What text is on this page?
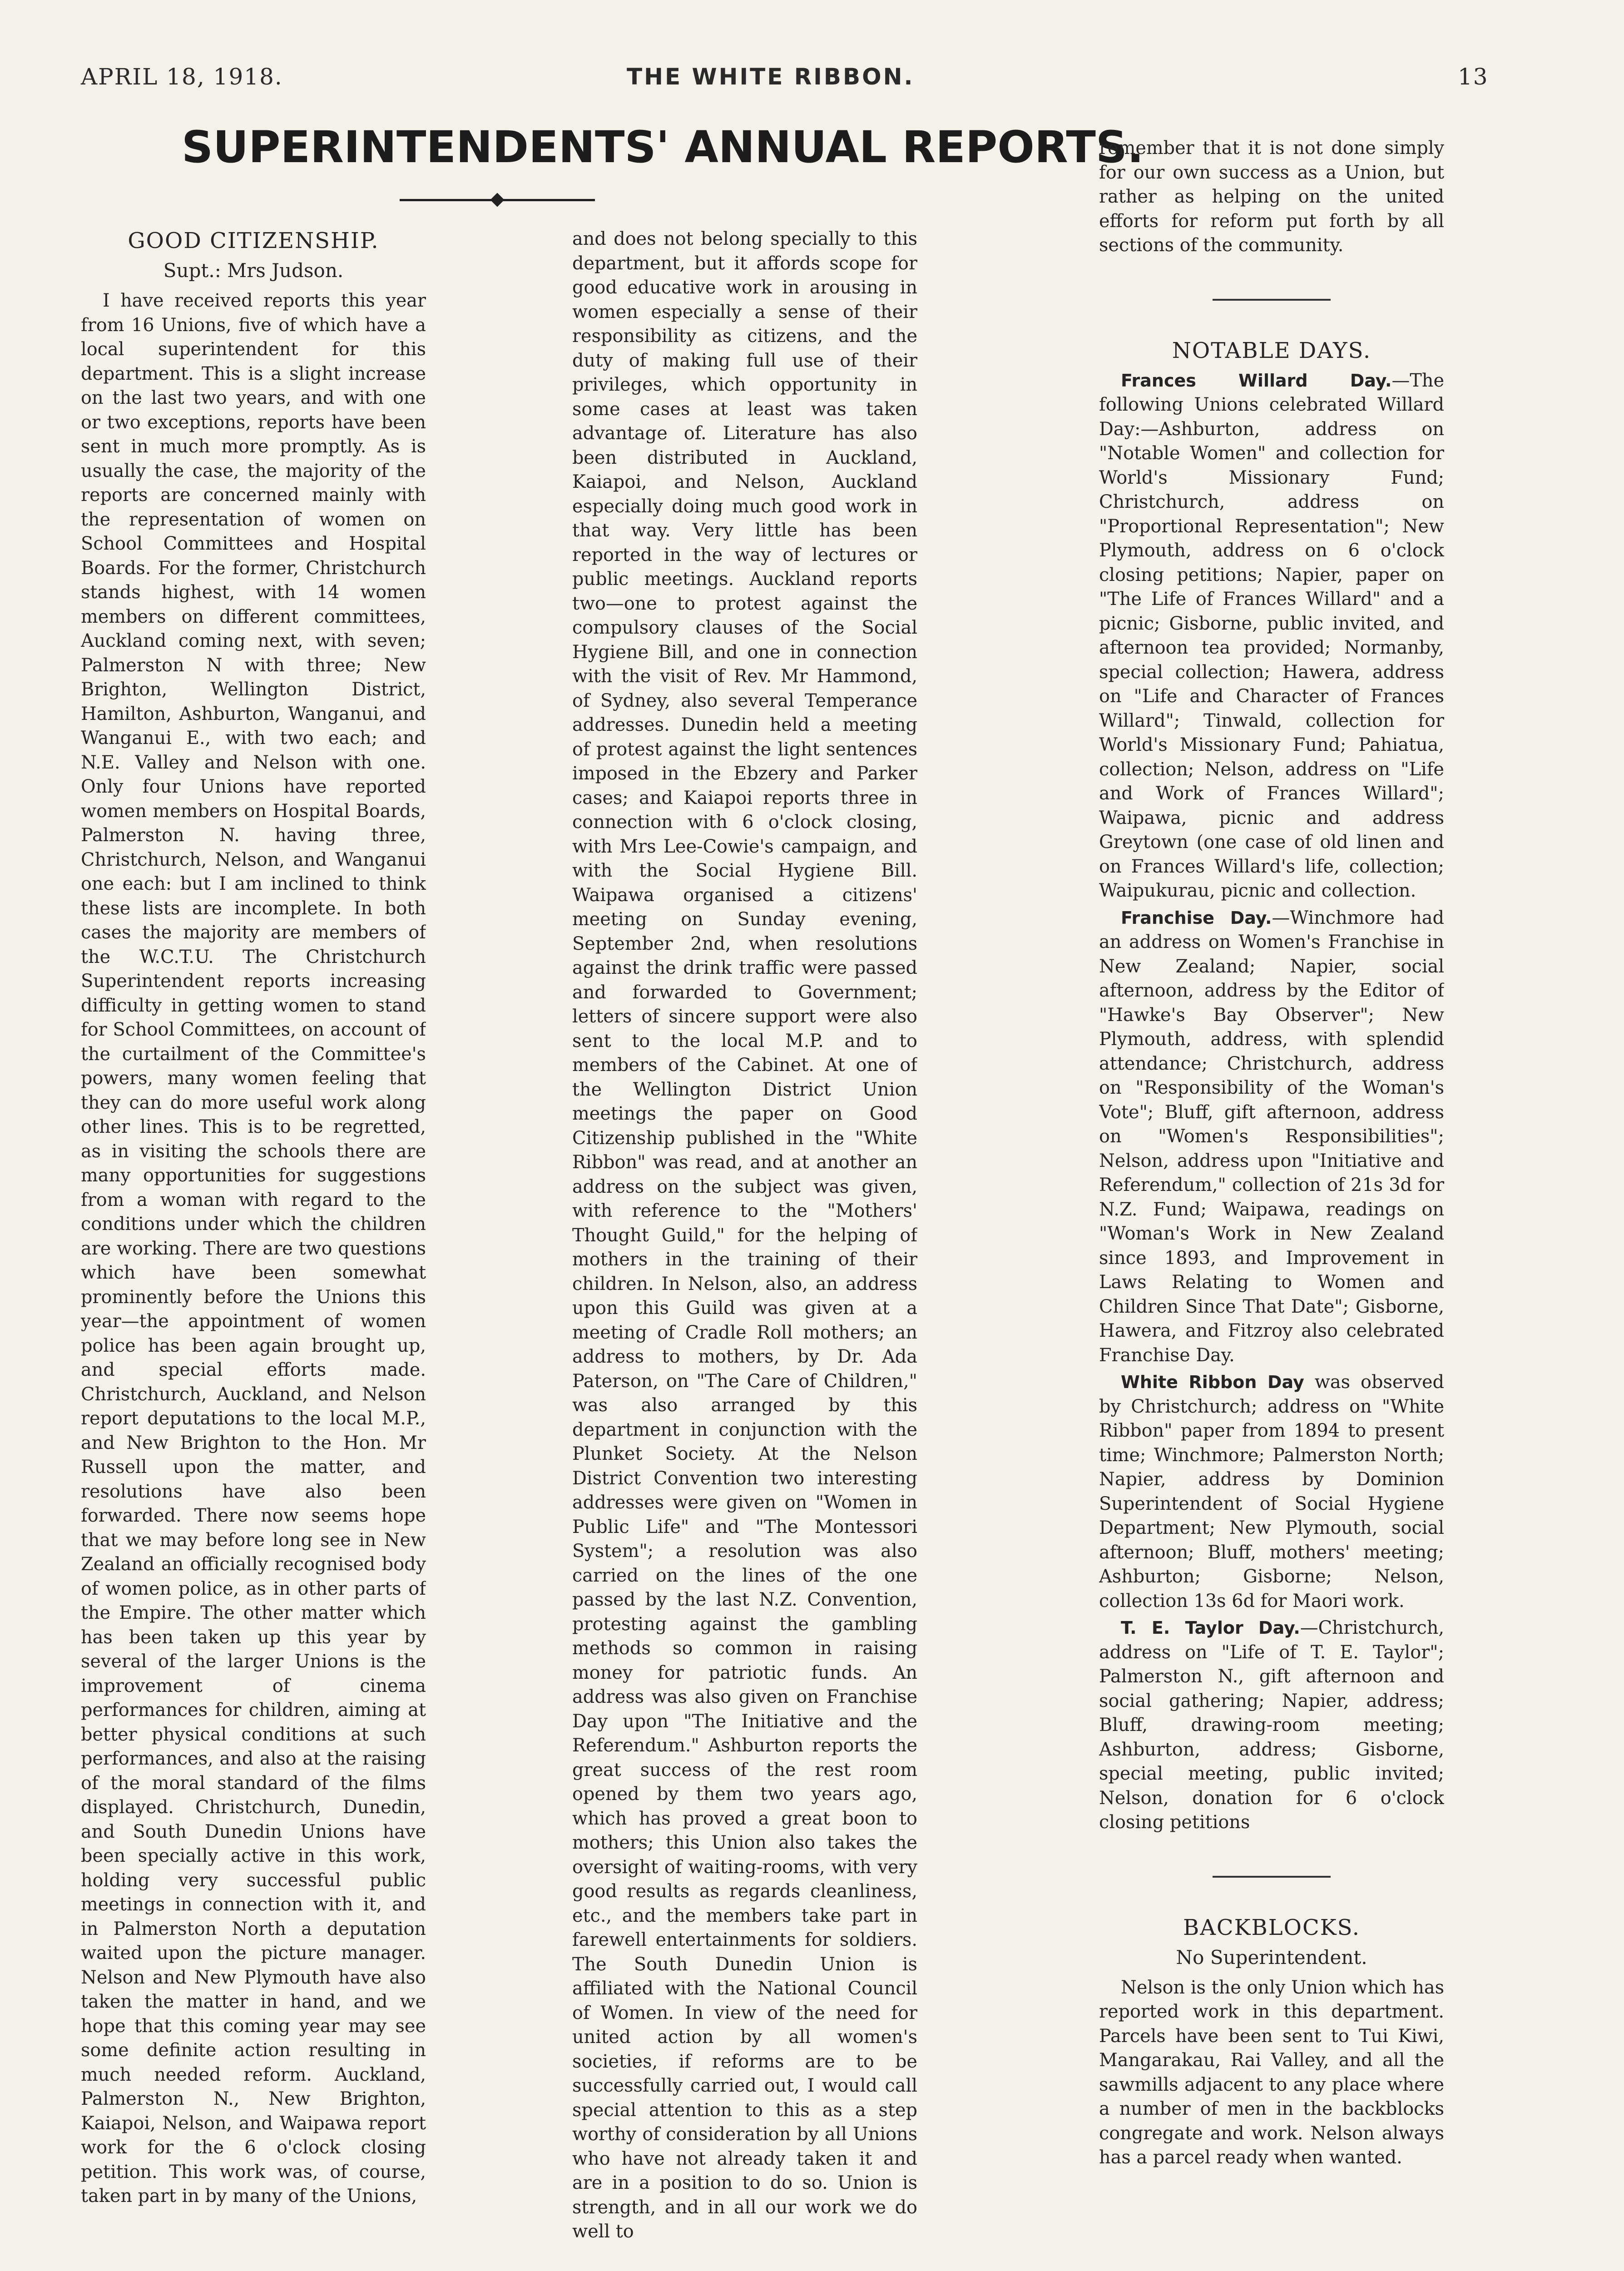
APRIL 18, 1918.	THE WHITE RIBBON.	13
SUPERINTENDENTS' ANNUAL REPORTS.
GOOD CITIZENSHIP.
Supt.: Mrs Judson.

I have received reports this year from 16 Unions, five of which have a local superintendent for this department. This is a slight increase on the last two years, and with one or two exceptions, reports have been sent in much more promptly. As is usually the case, the majority of the reports are concerned mainly with the representation of women on School Committees and Hospital Boards. For the former, Christchurch stands highest, with 14 women members on different committees, Auckland coming next, with seven; Palmerston N with three; New Brighton, Wellington District, Hamilton, Ashburton, Wanganui, and Wanganui E., with two each; and N.E. Valley and Nelson with one. Only four Unions have reported women members on Hospital Boards, Palmerston N. having three, Christchurch, Nelson, and Wanganui one each: but I am inclined to think these lists are incomplete. In both cases the majority are members of the W.C.T.U. The Christchurch Superintendent reports increasing difficulty in getting women to stand for School Committees, on account of the curtailment of the Committee's powers, many women feeling that they can do more useful work along other lines. This is to be regretted, as in visiting the schools there are many opportunities for suggestions from a woman with regard to the conditions under which the children are working. There are two questions which have been somewhat prominently before the Unions this year—the appointment of women police has been again brought up, and special efforts made. Christchurch, Auckland, and Nelson report deputations to the local M.P., and New Brighton to the Hon. Mr Russell upon the matter, and resolutions have also been forwarded. There now seems hope that we may before long see in New Zealand an officially recognised body of women police, as in other parts of the Empire. The other matter which has been taken up this year by several of the larger Unions is the improvement of cinema performances for children, aiming at better physical conditions at such performances, and also at the raising of the moral standard of the films displayed. Christchurch, Dunedin, and South Dunedin Unions have been specially active in this work, holding very successful public meetings in connection with it, and in Palmerston North a deputation waited upon the picture manager. Nelson and New Plymouth have also taken the matter in hand, and we hope that this coming year may see some definite action resulting in much needed reform. Auckland, Palmerston N., New Brighton, Kaiapoi, Nelson, and Waipawa report work for the 6 o'clock closing petition. This work was, of course, taken part in by many of the Unions,

and does not belong specially to this department, but it affords scope for good educative work in arousing in women especially a sense of their responsibility as citizens, and the duty of making full use of their privileges, which opportunity in some cases at least was taken advantage of. Literature has also been distributed in Auckland, Kaiapoi, and Nelson, Auckland especially doing much good work in that way. Very little has been reported in the way of lectures or public meetings. Auckland reports two—one to protest against the compulsory clauses of the Social Hygiene Bill, and one in connection with the visit of Rev. Mr Hammond, of Sydney, also several Temperance addresses. Dunedin held a meeting of protest against the light sentences imposed in the Ebzery and Parker cases; and Kaiapoi reports three in connection with 6 o'clock closing, with Mrs Lee-Cowie's campaign, and with the Social Hygiene Bill. Waipawa organised a citizens' meeting on Sunday evening, September 2nd, when resolutions against the drink traffic were passed and forwarded to Government; letters of sincere support were also sent to the local M.P. and to members of the Cabinet. At one of the Wellington District Union meetings the paper on Good Citizenship published in the "White Ribbon" was read, and at another an address on the subject was given, with reference to the "Mothers' Thought Guild," for the helping of mothers in the training of their children. In Nelson, also, an address upon this Guild was given at a meeting of Cradle Roll mothers; an address to mothers, by Dr. Ada Paterson, on "The Care of Children," was also arranged by this department in conjunction with the Plunket Society. At the Nelson District Convention two interesting addresses were given on "Women in Public Life" and "The Montessori System"; a resolution was also carried on the lines of the one passed by the last N.Z. Convention, protesting against the gambling methods so common in raising money for patriotic funds. An address was also given on Franchise Day upon "The Initiative and the Referendum." Ashburton reports the great success of the rest room opened by them two years ago, which has proved a great boon to mothers; this Union also takes the oversight of waiting-rooms, with very good results as regards cleanliness, etc., and the members take part in farewell entertainments for soldiers. The South Dunedin Union is affiliated with the National Council of Women. In view of the need for united action by all women's societies, if reforms are to be successfully carried out, I would call special attention to this as a step worthy of consideration by all Unions who have not already taken it and are in a position to do so. Union is strength, and in all our work we do well to

remember that it is not done simply for our own success as a Union, but rather as helping on the united efforts for reform put forth by all sections of the community.

NOTABLE DAYS.

Frances Willard Day.—The following Unions celebrated Willard Day:—Ashburton, address on "Notable Women" and collection for World's Missionary Fund; Christchurch, address on "Proportional Representation"; New Plymouth, address on 6 o'clock closing petitions; Napier, paper on "The Life of Frances Willard" and a picnic; Gisborne, public invited, and afternoon tea provided; Normanby, special collection; Hawera, address on "Life and Character of Frances Willard"; Tinwald, collection for World's Missionary Fund; Pahiatua, collection; Nelson, address on "Life and Work of Frances Willard"; Waipawa, picnic and address Greytown (one case of old linen and on Frances Willard's life, collection; Waipukurau, picnic and collection.

Franchise Day.—Winchmore had an address on Women's Franchise in New Zealand; Napier, social afternoon, address by the Editor of "Hawke's Bay Observer"; New Plymouth, address, with splendid attendance; Christchurch, address on "Responsibility of the Woman's Vote"; Bluff, gift afternoon, address on "Women's Responsibilities"; Nelson, address upon "Initiative and Referendum," collection of 21s 3d for N.Z. Fund; Waipawa, readings on "Woman's Work in New Zealand since 1893, and Improvement in Laws Relating to Women and Children Since That Date"; Gisborne, Hawera, and Fitzroy also celebrated Franchise Day.

White Ribbon Day was observed by Christchurch; address on "White Ribbon" paper from 1894 to present time; Winchmore; Palmerston North; Napier, address by Dominion Superintendent of Social Hygiene Department; New Plymouth, social afternoon; Bluff, mothers' meeting; Ashburton; Gisborne; Nelson, collection 13s 6d for Maori work.

T. E. Taylor Day.—Christchurch, address on "Life of T. E. Taylor"; Palmerston N., gift afternoon and social gathering; Napier, address; Bluff, drawing-room meeting; Ashburton, address; Gisborne, special meeting, public invited; Nelson, donation for 6 o'clock closing petitions

BACKBLOCKS.
No Superintendent.

Nelson is the only Union which has reported work in this department. Parcels have been sent to Tui Kiwi, Mangarakau, Rai Valley, and all the sawmills adjacent to any place where a number of men in the backblocks congregate and work. Nelson always has a parcel ready when wanted.
